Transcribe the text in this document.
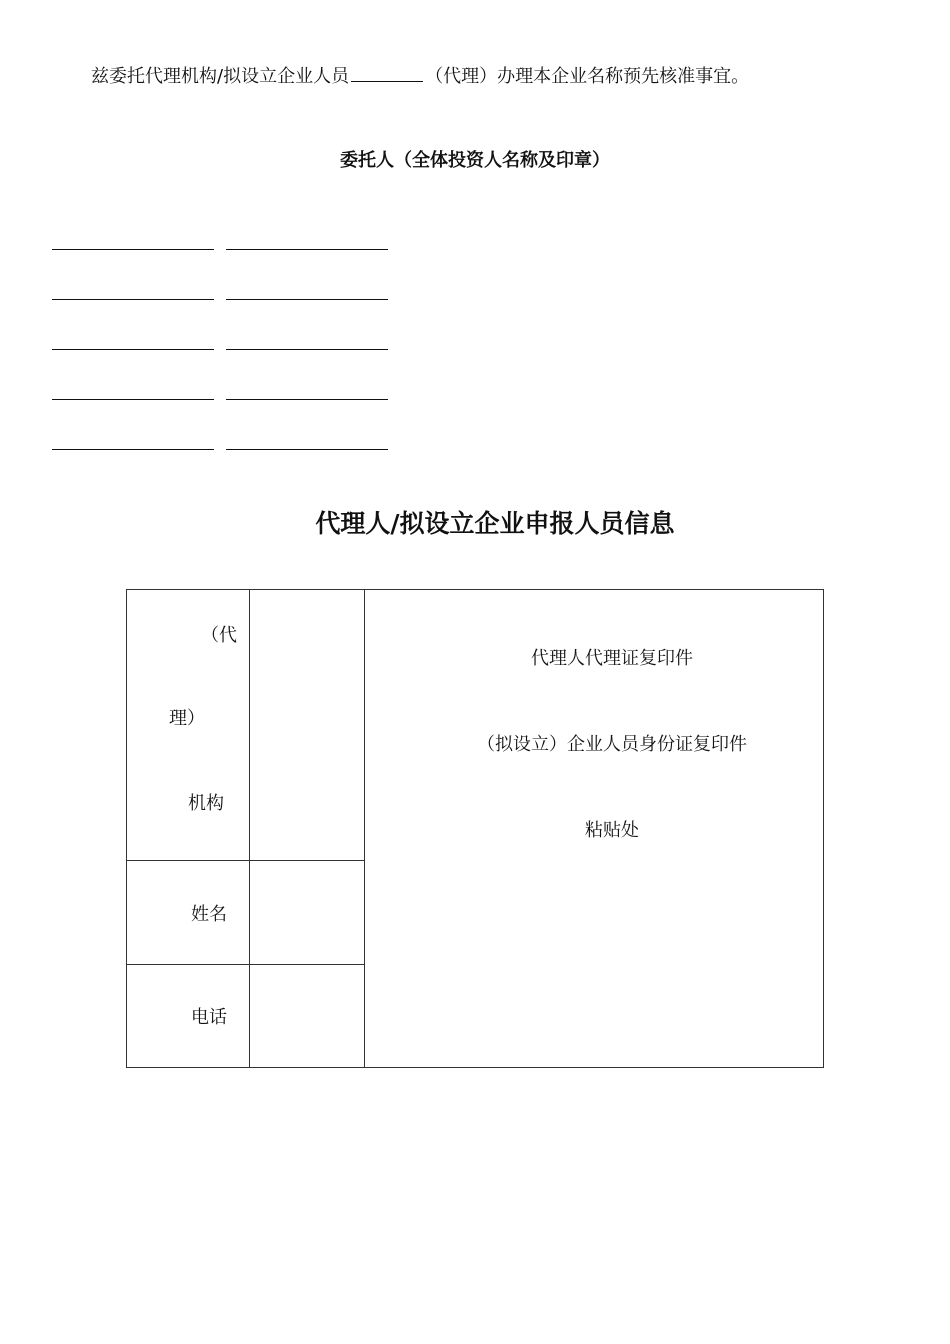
兹委托代理机构/拟设立企业人员	（代理）办理本企业名称预先核准事宜。

委托人（全体投资人名称及印章）

代理人/拟设立企业申报人员信息
（代
理）
机构		代理人代理证复印件
（拟设立）企业人员身份证复印件
粘贴处

姓名		
电话		
